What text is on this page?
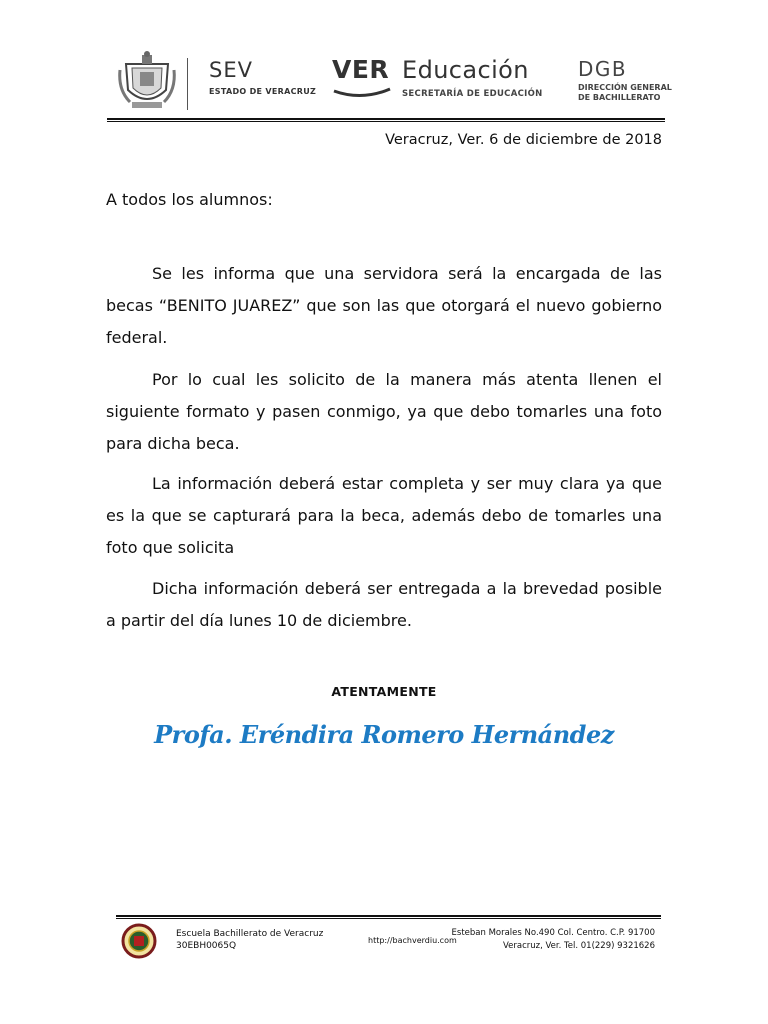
SEV
ESTADO DE VERACRUZ
VER Educación
SECRETARÍA DE EDUCACIÓN
DGB
DIRECCIÓN GENERAL
DE BACHILLERATO
Veracruz, Ver. 6 de diciembre de 2018
A todos los alumnos:

Se les informa que una servidora será la encargada de las becas “BENITO JUAREZ” que son las que otorgará el nuevo gobierno federal.

Por lo cual les solicito de la manera más atenta llenen el siguiente formato y pasen conmigo, ya que debo tomarles una foto para dicha beca.

La información deberá estar completa y ser muy clara ya que es la que se capturará para la beca, además debo de tomarles una foto que solicita

Dicha información deberá ser entregada a la brevedad posible a partir del día lunes 10 de diciembre.

ATENTAMENTE
Profa. Eréndira Romero Hernández
Escuela Bachillerato de Veracruz
30EBH0065Q
http://bachverdiu.com
Esteban Morales No.490 Col. Centro. C.P. 91700
Veracruz, Ver. Tel. 01(229) 9321626
